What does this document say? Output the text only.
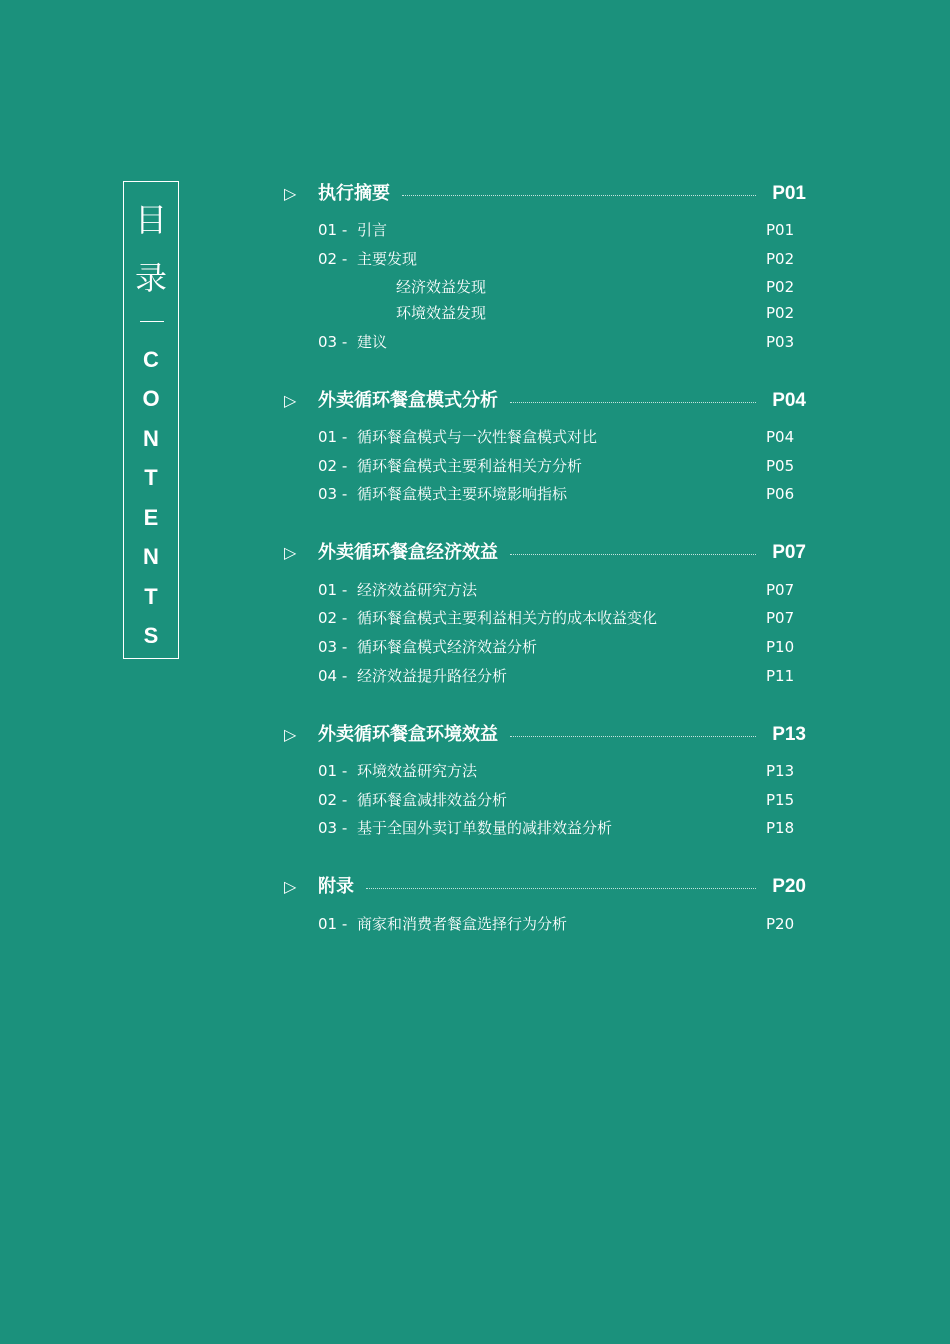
目
录
C
O
N
T
E
N
T
S
▷	执行摘要	P01
01 - 引言	P01
02 - 主要发现	P02
经济效益发现	P02
环境效益发现	P02
03 - 建议	P03
▷	外卖循环餐盒模式分析	P04
01 - 循环餐盒模式与一次性餐盒模式对比	P04
02 - 循环餐盒模式主要利益相关方分析	P05
03 - 循环餐盒模式主要环境影响指标	P06
▷	外卖循环餐盒经济效益	P07
01 - 经济效益研究方法	P07
02 - 循环餐盒模式主要利益相关方的成本收益变化	P07
03 - 循环餐盒模式经济效益分析	P10
04 - 经济效益提升路径分析	P11
▷	外卖循环餐盒环境效益	P13
01 - 环境效益研究方法	P13
02 - 循环餐盒减排效益分析	P15
03 - 基于全国外卖订单数量的减排效益分析	P18
▷	附录	P20
01 - 商家和消费者餐盒选择行为分析	P20
